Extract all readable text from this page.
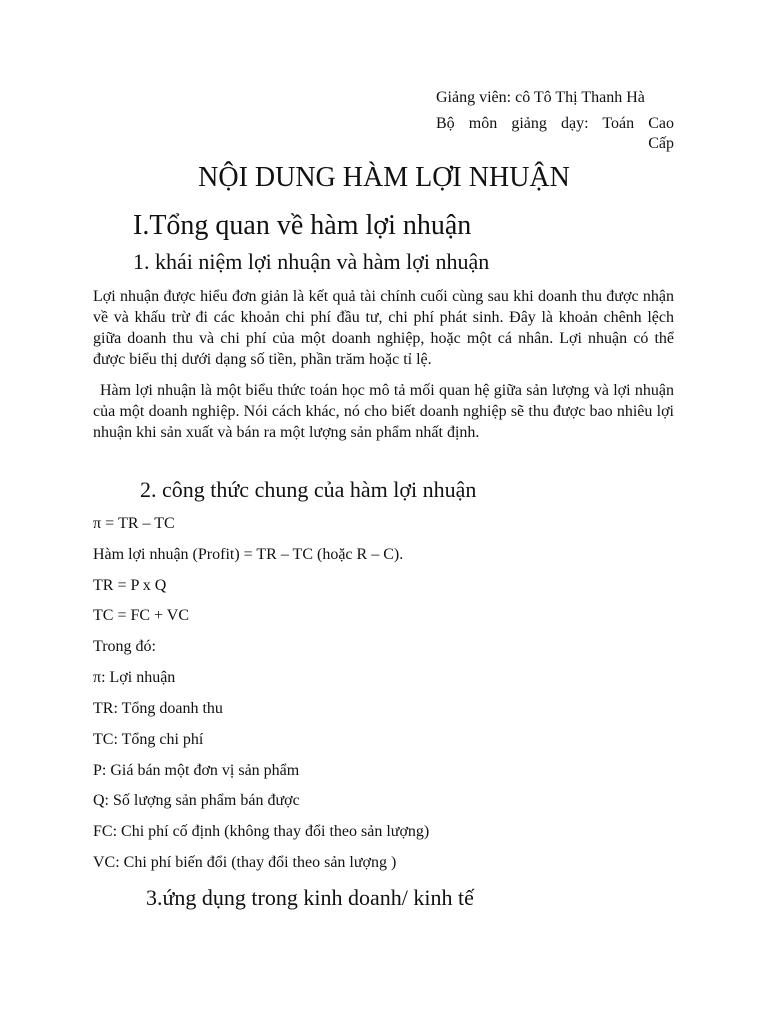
Giảng viên: cô Tô Thị Thanh Hà
Bộ môn giảng dạy: Toán Cao
Cấp
NỘI DUNG HÀM LỢI NHUẬN
I.Tổng quan về hàm lợi nhuận
1. khái niệm lợi nhuận và hàm lợi nhuận
Lợi nhuận được hiểu đơn giản là kết quả tài chính cuối cùng sau khi doanh thu được nhận về và khấu trừ đi các khoản chi phí đầu tư, chi phí phát sinh. Đây là khoản chênh lệch giữa doanh thu và chi phí của một doanh nghiệp, hoặc một cá nhân. Lợi nhuận có thể được biểu thị dưới dạng số tiền, phần trăm hoặc tỉ lệ.
Hàm lợi nhuận là một biểu thức toán học mô tả mối quan hệ giữa sản lượng và lợi nhuận của một doanh nghiệp. Nói cách khác, nó cho biết doanh nghiệp sẽ thu được bao nhiêu lợi nhuận khi sản xuất và bán ra một lượng sản phẩm nhất định.
2. công thức chung của hàm lợi nhuận
π = TR – TC
Hàm lợi nhuận (Profit) = TR – TC (hoặc R – C).
TR = P x Q
TC = FC + VC
Trong đó:
π: Lợi nhuận
TR: Tổng doanh thu
TC: Tổng chi phí
P: Giá bán một đơn vị sản phẩm
Q: Số lượng sản phẩm bán được
FC: Chi phí cố định (không thay đổi theo sản lượng)
VC: Chi phí biến đổi (thay đổi theo sản lượng )
3.ứng dụng trong kinh doanh/ kinh tế
